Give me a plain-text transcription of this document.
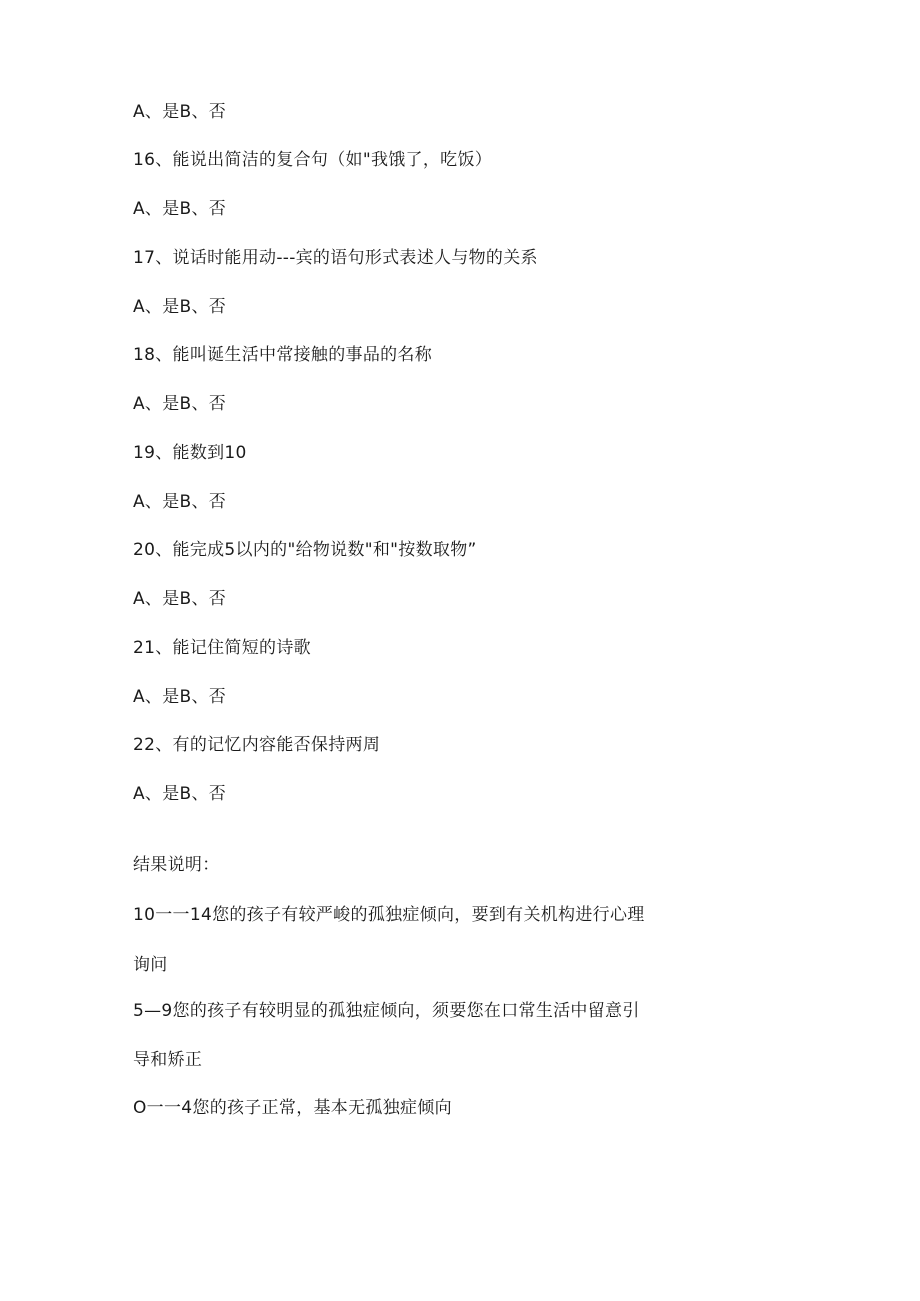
A、是B、否
16、能说出简洁的复合句（如"我饿了，吃饭）
A、是B、否
17、说话时能用动---宾的语句形式表述人与物的关系
A、是B、否
18、能叫诞生活中常接触的事品的名称
A、是B、否
19、能数到10
A、是B、否
20、能完成5以内的"给物说数"和"按数取物”
A、是B、否
21、能记住简短的诗歌
A、是B、否
22、有的记忆内容能否保持两周
A、是B、否
结果说明：
10一一14您的孩子有较严峻的孤独症倾向，要到有关机构进行心理
询问
5—9您的孩子有较明显的孤独症倾向，须要您在口常生活中留意引
导和矫正
O一一4您的孩子正常，基本无孤独症倾向
